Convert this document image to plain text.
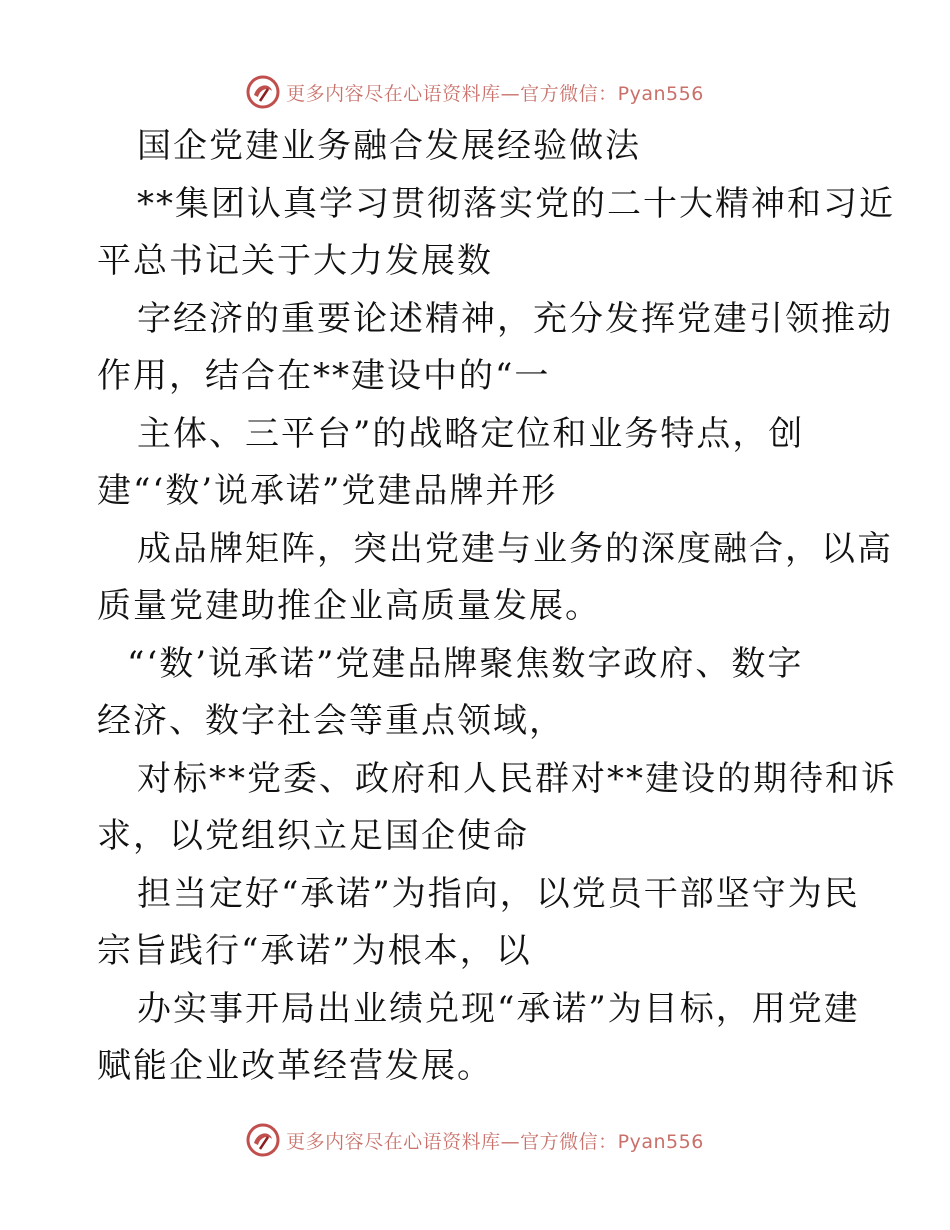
更多内容尽在心语资料库—官方微信：Pyan556
国企党建业务融合发展经验做法
**集团认真学习贯彻落实党的二十大精神和习近
平总书记关于大力发展数
字经济的重要论述精神，充分发挥党建引领推动
作用，结合在**建设中的“一
主体、三平台”的战略定位和业务特点，创
建“‘数’说承诺”党建品牌并形
成品牌矩阵，突出党建与业务的深度融合，以高
质量党建助推企业高质量发展。
“‘数’说承诺”党建品牌聚焦数字政府、数字
经济、数字社会等重点领域，
对标**党委、政府和人民群对**建设的期待和诉
求，以党组织立足国企使命
担当定好“承诺”为指向，以党员干部坚守为民
宗旨践行“承诺”为根本，以
办实事开局出业绩兑现“承诺”为目标，用党建
赋能企业改革经营发展。
更多内容尽在心语资料库—官方微信：Pyan556
